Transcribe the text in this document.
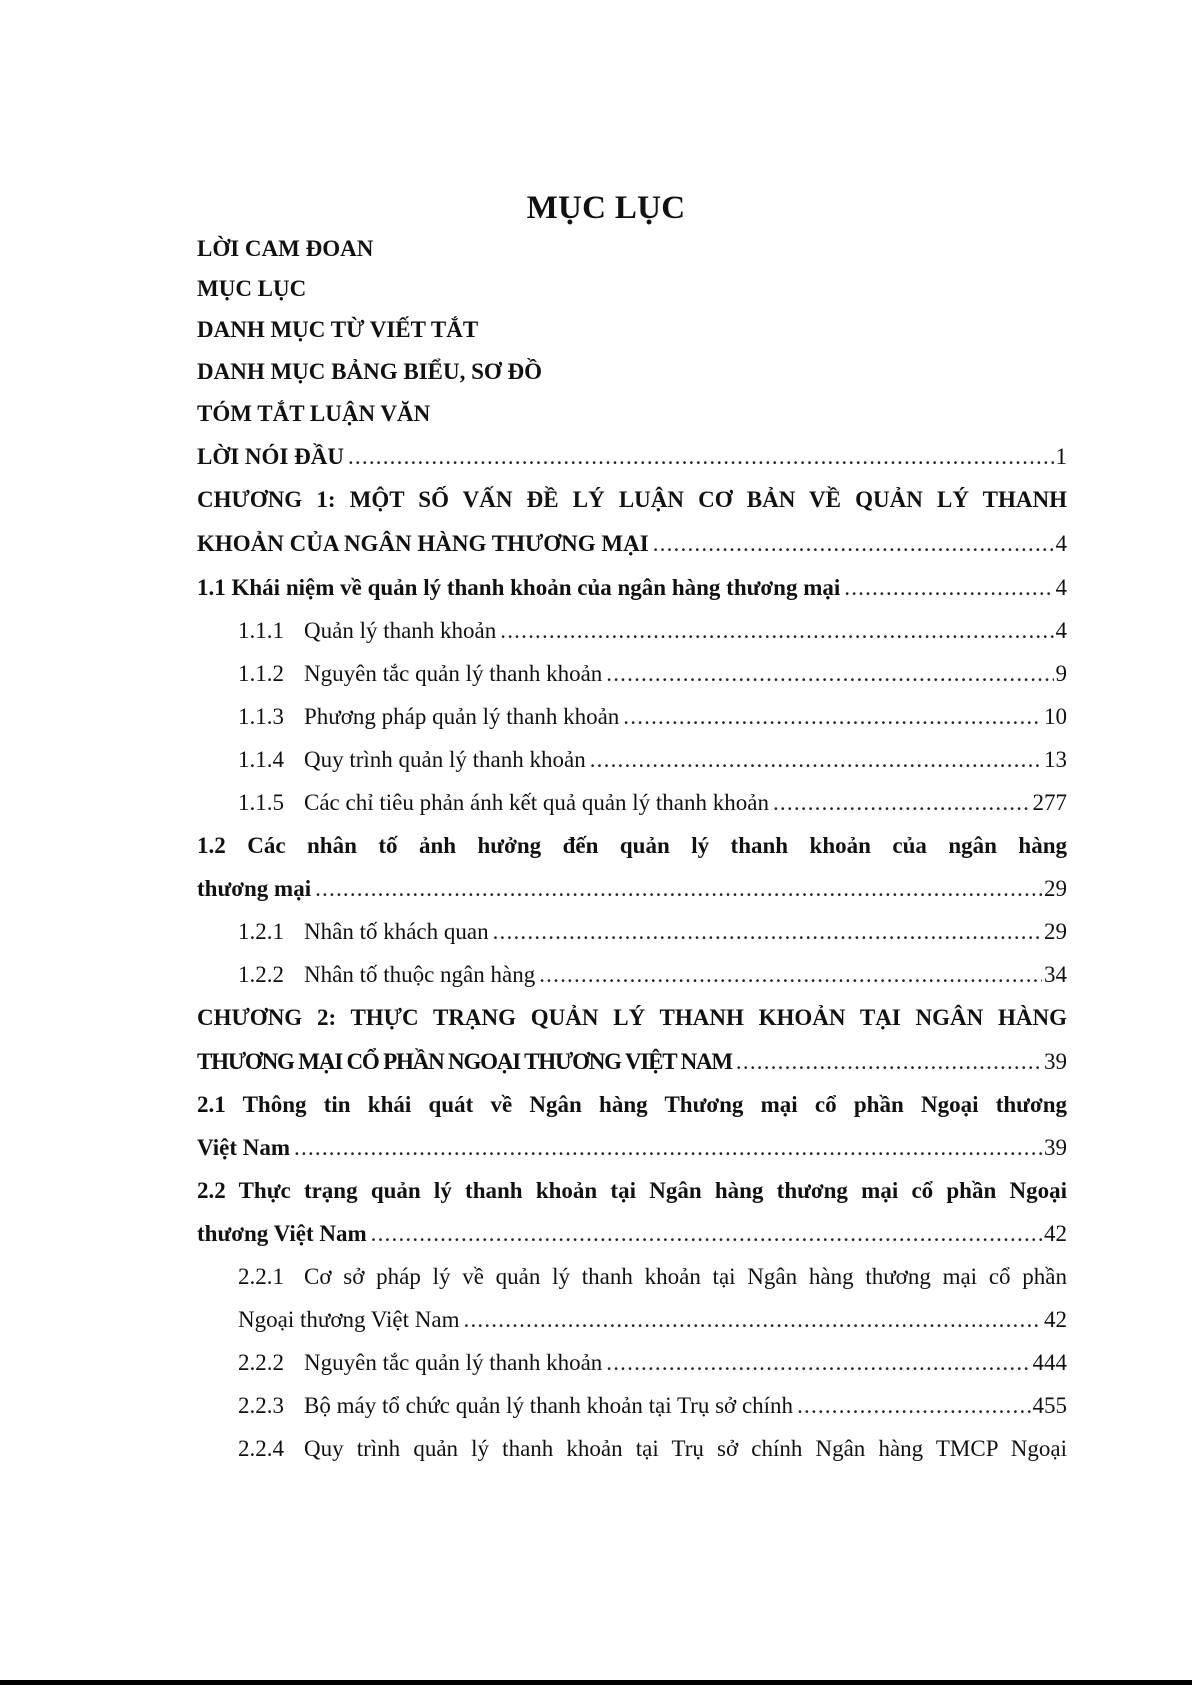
MỤC LỤC
LỜI CAM ĐOAN
MỤC LỤC
DANH MỤC TỪ VIẾT TẮT
DANH MỤC BẢNG BIỂU, SƠ ĐỒ
TÓM TẮT LUẬN VĂN
LỜI NÓI ĐẦU .....	1
CHƯƠNG 1: MỘT SỐ VẤN ĐỀ LÝ LUẬN CƠ BẢN VỀ QUẢN LÝ THANH
KHOẢN CỦA NGÂN HÀNG THƯƠNG MẠI .....	4
1.1 Khái niệm về quản lý thanh khoản của ngân hàng thương mại .....	4
1.1.1 Quản lý thanh khoản .....	4
1.1.2 Nguyên tắc quản lý thanh khoản .....	9
1.1.3 Phương pháp quản lý thanh khoản .....	10
1.1.4 Quy trình quản lý thanh khoản .....	13
1.1.5 Các chỉ tiêu phản ánh kết quả quản lý thanh khoản .....	277
1.2 Các nhân tố ảnh hưởng đến quản lý thanh khoản của ngân hàng
thương mại .....	29
1.2.1 Nhân tố khách quan .....	29
1.2.2 Nhân tố thuộc ngân hàng .....	34
CHƯƠNG 2: THỰC TRẠNG QUẢN LÝ THANH KHOẢN TẠI NGÂN HÀNG
THƯƠNG MẠI CỔ PHẦN NGOẠI THƯƠNG VIỆT NAM .....	39
2.1 Thông tin khái quát về Ngân hàng Thương mại cổ phần Ngoại thương
Việt Nam .....	39
2.2 Thực trạng quản lý thanh khoản tại Ngân hàng thương mại cổ phần Ngoại
thương Việt Nam .....	42
2.2.1 Cơ sở pháp lý về quản lý thanh khoản tại Ngân hàng thương mại cổ phần
Ngoại thương Việt Nam .....	42
2.2.2 Nguyên tắc quản lý thanh khoản .....	444
2.2.3 Bộ máy tổ chức quản lý thanh khoản tại Trụ sở chính .....	455
2.2.4 Quy trình quản lý thanh khoản tại Trụ sở chính Ngân hàng TMCP Ngoại
